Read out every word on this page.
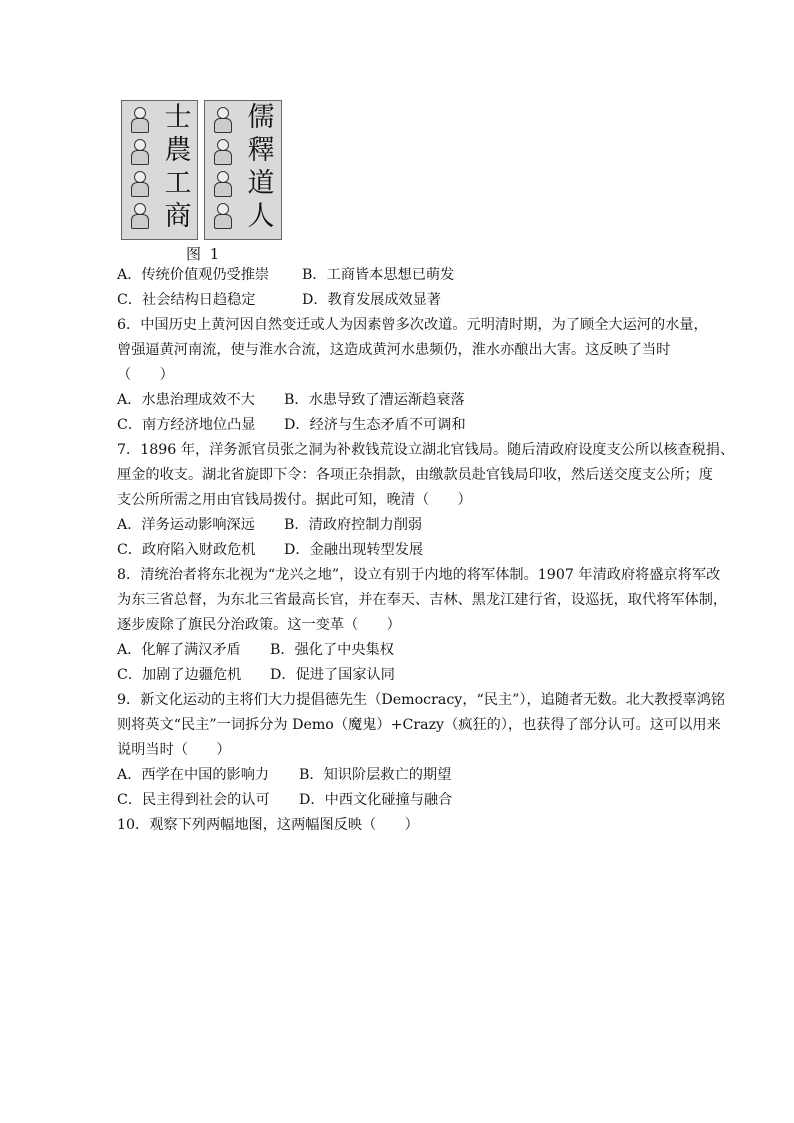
士
農
工
商
儒
釋
道
人
图 1
A．传统价值观仍受推崇 B．工商皆本思想已萌发
C．社会结构日趋稳定	D．教育发展成效显著
6．中国历史上黄河因自然变迁或人为因素曾多次改道。元明清时期，为了顾全大运河的水量，
曾强逼黄河南流，使与淮水合流，这造成黄河水患频仍，淮水亦酿出大害。这反映了当时
（　　）
A．水患治理成效不大 B．水患导致了漕运渐趋衰落
C．南方经济地位凸显 D．经济与生态矛盾不可调和
7．1896 年，洋务派官员张之洞为补救钱荒设立湖北官钱局。随后清政府设度支公所以核查税捐、
厘金的收支。湖北省旋即下令：各项正杂捐款，由缴款员赴官钱局印收，然后送交度支公所；度
支公所所需之用由官钱局拨付。据此可知，晚清（　　）
A．洋务运动影响深远 B．清政府控制力削弱
C．政府陷入财政危机 D．金融出现转型发展
8．清统治者将东北视为“龙兴之地”，设立有别于内地的将军体制。1907 年清政府将盛京将军改
为东三省总督，为东北三省最高长官，并在奉天、吉林、黑龙江建行省，设巡抚，取代将军体制，
逐步废除了旗民分治政策。这一变革（　　）
A．化解了满汉矛盾 B．强化了中央集权
C．加剧了边疆危机 D．促进了国家认同
9．新文化运动的主将们大力提倡德先生（Democracy，“民主”），追随者无数。北大教授辜鸿铭
则将英文“民主”一词拆分为 Demo（魔鬼）+Crazy（疯狂的），也获得了部分认可。这可以用来
说明当时（　　）
A．西学在中国的影响力 B．知识阶层救亡的期望
C．民主得到社会的认可 D．中西文化碰撞与融合
10．观察下列两幅地图，这两幅图反映（　　）
